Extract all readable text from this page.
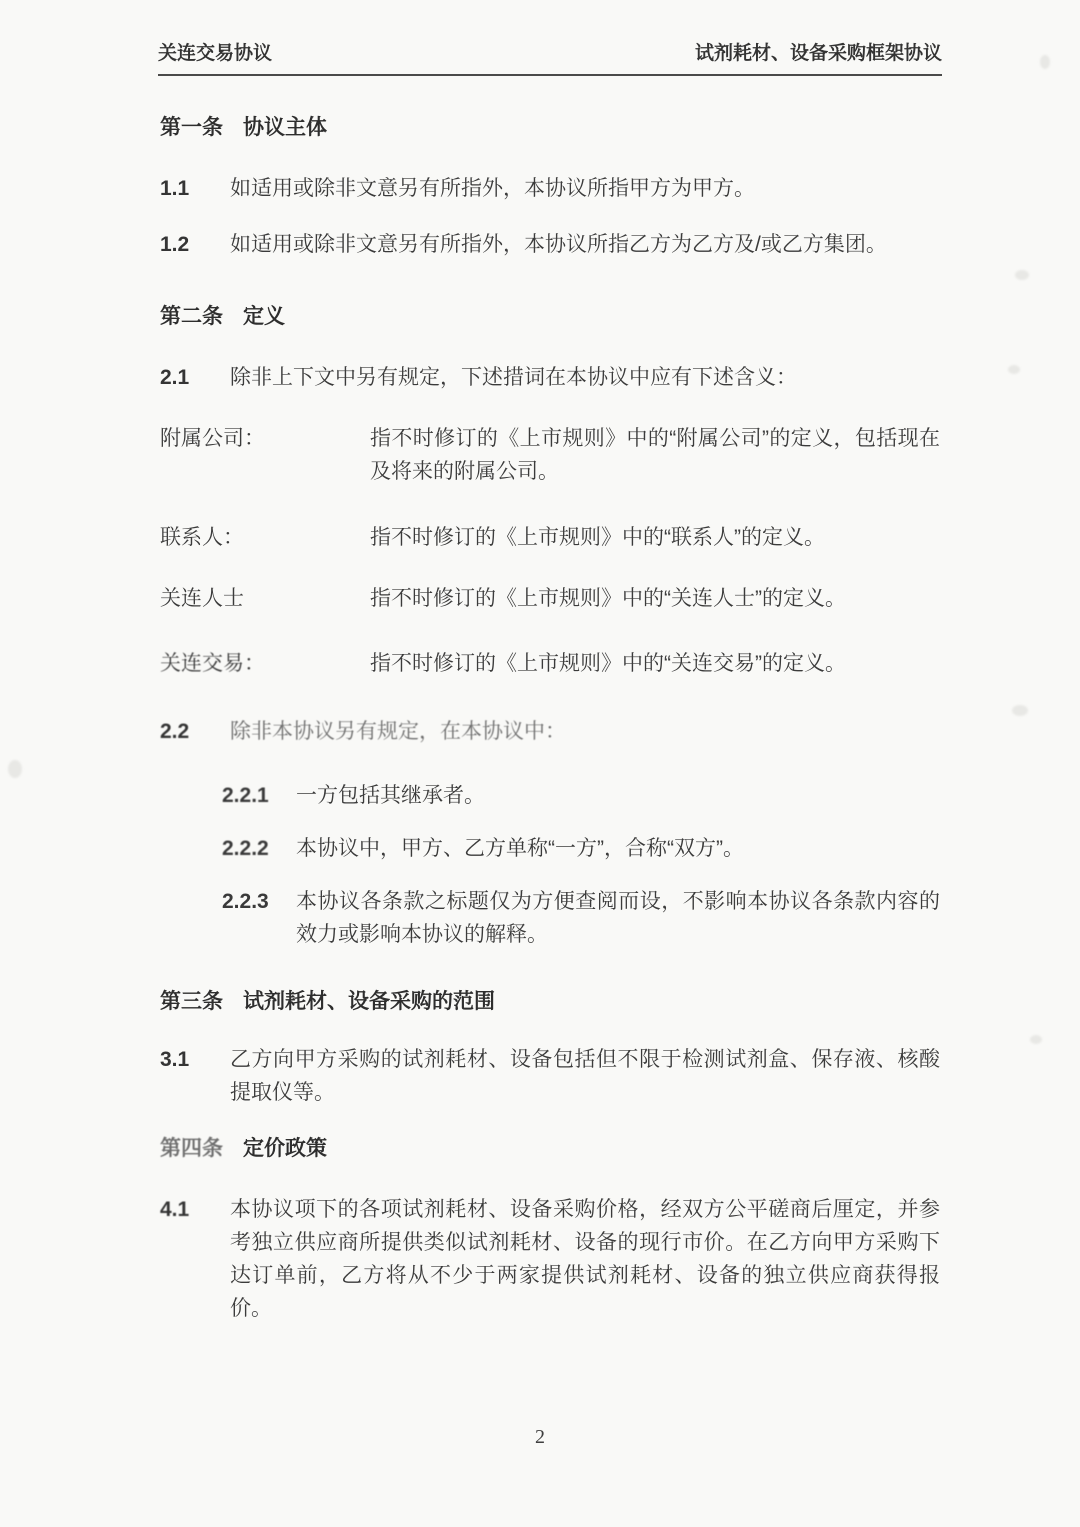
关连交易协议	试剂耗材、设备采购框架协议
第一条 协议主体
1.1	如适用或除非文意另有所指外，本协议所指甲方为甲方。
1.2	如适用或除非文意另有所指外，本协议所指乙方为乙方及/或乙方集团。
第二条 定义
2.1	除非上下文中另有规定，下述措词在本协议中应有下述含义：
附属公司：	指不时修订的《上市规则》中的“附属公司”的定义，包括现在及将来的附属公司。
联系人：	指不时修订的《上市规则》中的“联系人”的定义。
关连人士	指不时修订的《上市规则》中的“关连人士”的定义。
关连交易：	指不时修订的《上市规则》中的“关连交易”的定义。
2.2	除非本协议另有规定，在本协议中：
2.2.1	一方包括其继承者。
2.2.2	本协议中，甲方、乙方单称“一方”，合称“双方”。
2.2.3	本协议各条款之标题仅为方便查阅而设，不影响本协议各条款内容的效力或影响本协议的解释。
第三条 试剂耗材、设备采购的范围
3.1	乙方向甲方采购的试剂耗材、设备包括但不限于检测试剂盒、保存液、核酸提取仪等。
第四条 定价政策
4.1	本协议项下的各项试剂耗材、设备采购价格，经双方公平磋商后厘定，并参考独立供应商所提供类似试剂耗材、设备的现行市价。在乙方向甲方采购下达订单前，乙方将从不少于两家提供试剂耗材、设备的独立供应商获得报价。
2
